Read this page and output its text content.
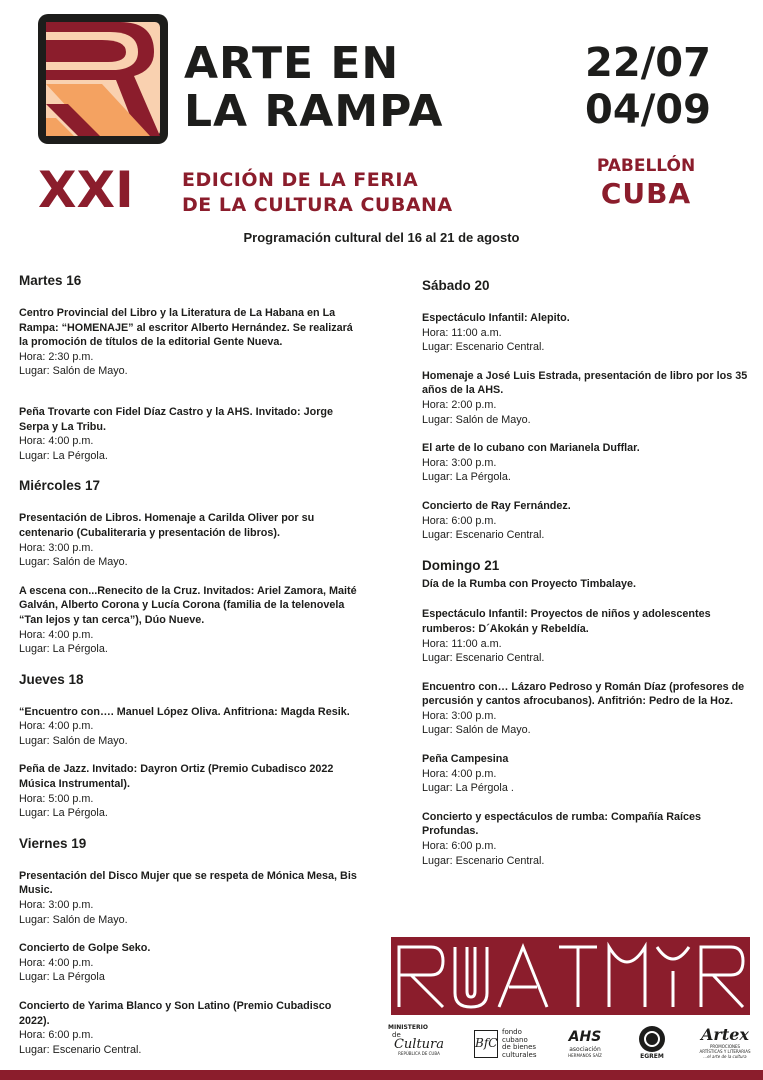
ARTE EN
LA RAMPA
22/07
04/09
XXI	EDICIÓN DE LA FERIA
DE LA CULTURA CUBANA
PABELLÓN
CUBA
Programación cultural del 16 al 21 de agosto
Martes 16
Centro Provincial del Libro y la Literatura de La Habana en La Rampa: “HOMENAJE” al escritor Alberto Hernández. Se realizará la promoción de títulos de la editorial Gente Nueva.
Hora: 2:30 p.m.
Lugar: Salón de Mayo.
Peña Trovarte con Fidel Díaz Castro y la AHS. Invitado: Jorge Serpa y La Tribu.
Hora: 4:00 p.m.
Lugar: La Pérgola.
Miércoles 17
Presentación de Libros. Homenaje a Carilda Oliver por su centenario (Cubaliteraria y presentación de libros).
Hora: 3:00 p.m.
Lugar: Salón de Mayo.
A escena con...Renecito de la Cruz. Invitados: Ariel Zamora, Maité Galván, Alberto Corona y Lucía Corona (familia de la telenovela “Tan lejos y tan cerca”), Dúo Nueve.
Hora: 4:00 p.m.
Lugar: La Pérgola.
Jueves 18
“Encuentro con…. Manuel López Oliva. Anfitriona: Magda Resik.
Hora: 4:00 p.m.
Lugar: Salón de Mayo.
Peña de Jazz. Invitado: Dayron Ortiz (Premio Cubadisco 2022 Música Instrumental).
Hora: 5:00 p.m.
Lugar: La Pérgola.
Viernes 19
Presentación del Disco Mujer que se respeta de Mónica Mesa, Bis Music.
Hora: 3:00 p.m.
Lugar: Salón de Mayo.
Concierto de Golpe Seko.
Hora: 4:00 p.m.
Lugar: La Pérgola
Concierto de Yarima Blanco y Son Latino (Premio Cubadisco 2022).
Hora: 6:00 p.m.
Lugar: Escenario Central.
Sábado 20
Espectáculo Infantil: Alepito.
Hora: 11:00 a.m.
Lugar: Escenario Central.
Homenaje a José Luis Estrada, presentación de libro por los 35 años de la AHS.
Hora: 2:00 p.m.
Lugar: Salón de Mayo.
El arte de lo cubano con Marianela Dufflar.
Hora: 3:00 p.m.
Lugar: La Pérgola.
Concierto de Ray Fernández.
Hora: 6:00 p.m.
Lugar: Escenario Central.
Domingo 21
Día de la Rumba con Proyecto Timbalaye.
Espectáculo Infantil: Proyectos de niños y adolescentes rumberos: D´Akokán y Rebeldía.
Hora: 11:00 a.m.
Lugar: Escenario Central.
Encuentro con… Lázaro Pedroso y Román Díaz (profesores de percusión y cantos afrocubanos). Anfitrión: Pedro de la Hoz.
Hora: 3:00 p.m.
Lugar: Salón de Mayo.
Peña Campesina
Hora: 4:00 p.m.
Lugar: La Pérgola .
Concierto y espectáculos de rumba: Compañía Raíces Profundas.
Hora: 6:00 p.m.
Lugar: Escenario Central.
MINISTERIO
de
Cultura
REPÚBLICA DE CUBA
BfC
fondo
cubano
de bienes
culturales
AHS
asociación
HERMANOS SAÍZ	EGREM
Artex
PROMOCIONES
ARTÍSTICAS Y LITERARIAS
...el arte de la cultura
